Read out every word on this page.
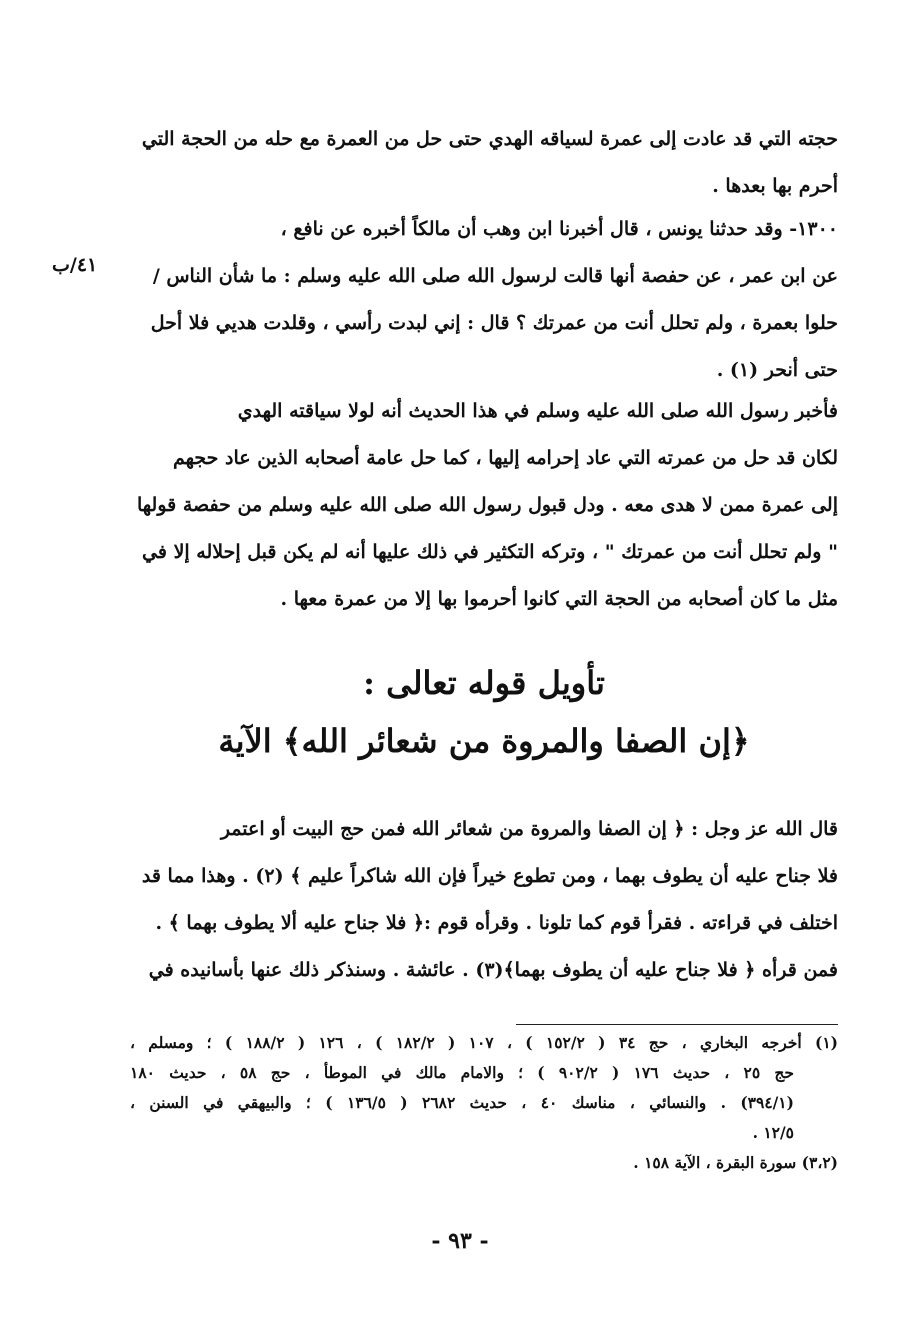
حجته التي قد عادت إلى عمرة لسياقه الهدي حتى حل من العمرة مع حله من الحجة التي
أحرم بها بعدها .
١٣٠٠- وقد حدثنا يونس ، قال أخبرنا ابن وهب أن مالكاً أخبره عن نافع ،
عن ابن عمر ، عن حفصة أنها قالت لرسول الله صلى الله عليه وسلم : ما شأن الناس /
حلوا بعمرة ، ولم تحلل أنت من عمرتك ؟ قال : إني لبدت رأسي ، وقلدت هديي فلا أحل
حتى أنحر (١) .
٤١/ب
فأخبر رسول الله صلى الله عليه وسلم في هذا الحديث أنه لولا سياقته الهدي
لكان قد حل من عمرته التي عاد إحرامه إليها ، كما حل عامة أصحابه الذين عاد حجهم
إلى عمرة ممن لا هدى معه . ودل قبول رسول الله صلى الله عليه وسلم من حفصة قولها
" ولم تحلل أنت من عمرتك " ، وتركه التكثير في ذلك عليها أنه لم يكن قبل إحلاله إلا في
مثل ما كان أصحابه من الحجة التي كانوا أحرموا بها إلا من عمرة معها .
تأويل قوله تعالى :
﴿إن الصفا والمروة من شعائر الله﴾ الآية
قال الله عز وجل : ﴿ إن الصفا والمروة من شعائر الله فمن حج البيت أو اعتمر
فلا جناح عليه أن يطوف بهما ، ومن تطوع خيراً فإن الله شاكراً عليم ﴾ (٢) . وهذا مما قد
اختلف في قراءته . فقرأ قوم كما تلونا . وقرأه قوم :﴿ فلا جناح عليه ألا يطوف بهما ﴾ .
فمن قرأه ﴿ فلا جناح عليه أن يطوف بهما﴾(٣) . عائشة . وسنذكر ذلك عنها بأسانيده في
(١) أخرجه البخاري ، حج ٣٤ ( ١٥٢/٢ ) ، ١٠٧ ( ١٨٢/٢ ) ، ١٢٦ ( ١٨٨/٢ ) ؛ ومسلم ،
حج ٢٥ ، حديث ١٧٦ ( ٩٠٢/٢ ) ؛ والامام مالك في الموطأ ، حج ٥٨ ، حديث ١٨٠
(٣٩٤/١) . والنسائي ، مناسك ٤٠ ، حديث ٢٦٨٢ ( ١٣٦/٥ ) ؛ والبيهقي في السنن ،
١٢/٥ .
(٣،٢) سورة البقرة ، الآية ١٥٨ .
- ٩٣ -
